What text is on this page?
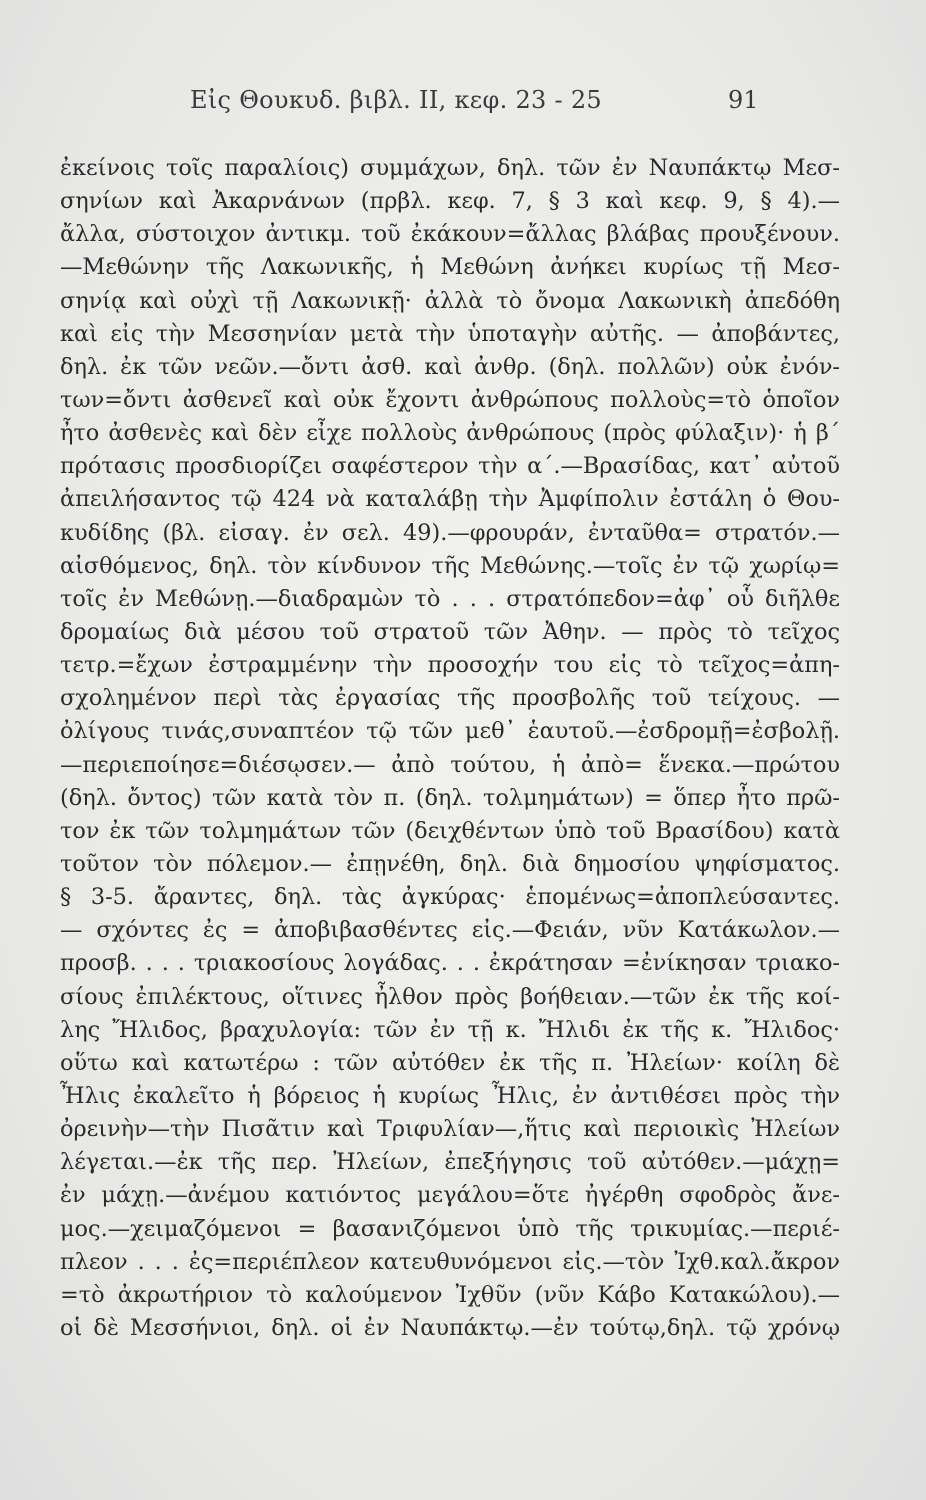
Εἰς Θουκυδ. βιβλ. ΙΙ, κεφ. 23 - 25	91
ἐκείνοις τοῖς παραλίοις) συμμάχων, δηλ. τῶν ἐν Ναυπάκτῳ Μεσ-
σηνίων καὶ Ἀκαρνάνων (πρβλ. κεφ. 7, § 3 καὶ κεφ. 9, § 4).—
ἄλλα, σύστοιχον ἀντικμ. τοῦ ἐκάκουν=ἄλλας βλάβας προυξένουν.
—Μεθώνην τῆς Λακωνικῆς, ἡ Μεθώνη ἀνήκει κυρίως τῇ Μεσ-
σηνίᾳ καὶ οὐχὶ τῇ Λακωνικῇ· ἀλλὰ τὸ ὄνομα Λακωνικὴ ἀπεδόθη
καὶ εἰς τὴν Μεσσηνίαν μετὰ τὴν ὑποταγὴν αὐτῆς. — ἀποβάντες,
δηλ. ἐκ τῶν νεῶν.—ὄντι ἀσθ. καὶ ἀνθρ. (δηλ. πολλῶν) οὐκ ἐνόν-
των=ὄντι ἀσθενεῖ καὶ οὐκ ἔχοντι ἀνθρώπους πολλοὺς=τὸ ὁποῖον
ἦτο ἀσθενὲς καὶ δὲν εἶχε πολλοὺς ἀνθρώπους (πρὸς φύλαξιν)· ἡ β΄
πρότασις προσδιορίζει σαφέστερον τὴν α΄.—Βρασίδας, κατ᾽ αὐτοῦ
ἀπειλήσαντος τῷ 424 νὰ καταλάβῃ τὴν Ἀμφίπολιν ἐστάλη ὁ Θου-
κυδίδης (βλ. εἰσαγ. ἐν σελ. 49).—φρουράν, ἐνταῦθα= στρατόν.—
αἰσθόμενος, δηλ. τὸν κίνδυνον τῆς Μεθώνης.—τοῖς ἐν τῷ χωρίῳ=
τοῖς ἐν Μεθώνῃ.—διαδραμὼν τὸ . . . στρατόπεδον=ἀφ᾽ οὗ διῆλθε
δρομαίως διὰ μέσου τοῦ στρατοῦ τῶν Ἀθην. — πρὸς τὸ τεῖχος
τετρ.=ἔχων ἐστραμμένην τὴν προσοχήν του εἰς τὸ τεῖχος=ἀπη-
σχολημένον περὶ τὰς ἐργασίας τῆς προσβολῆς τοῦ τείχους. —
ὀλίγους τινάς,συναπτέον τῷ τῶν μεθ᾽ ἑαυτοῦ.—ἐσδρομῇ=ἐσβολῇ.
—περιεποίησε=διέσῳσεν.— ἀπὸ τούτου, ἡ ἀπὸ= ἕνεκα.—πρώτου
(δηλ. ὄντος) τῶν κατὰ τὸν π. (δηλ. τολμημάτων) = ὅπερ ἦτο πρῶ-
τον ἐκ τῶν τολμημάτων τῶν (δειχθέντων ὑπὸ τοῦ Βρασίδου) κατὰ
τοῦτον τὸν πόλεμον.— ἐπῃνέθη, δηλ. διὰ δημοσίου ψηφίσματος.
§ 3-5. ἄραντες, δηλ. τὰς ἀγκύρας· ἑπομένως=ἀποπλεύσαντες.
— σχόντες ἐς = ἀποβιβασθέντες εἰς.—Φειάν, νῦν Κατάκωλον.—
προσβ. . . . τριακοσίους λογάδας. . . ἐκράτησαν =ἐνίκησαν τριακο-
σίους ἐπιλέκτους, οἵτινες ἦλθον πρὸς βοήθειαν.—τῶν ἐκ τῆς κοί-
λης Ἤλιδος, βραχυλογία: τῶν ἐν τῇ κ. Ἤλιδι ἐκ τῆς κ. Ἤλιδος·
οὕτω καὶ κατωτέρω : τῶν αὐτόθεν ἐκ τῆς π. Ἠλείων· κοίλη δὲ
Ἦλις ἐκαλεῖτο ἡ βόρειος ἡ κυρίως Ἦλις, ἐν ἀντιθέσει πρὸς τὴν
ὀρεινὴν—τὴν Πισᾶτιν καὶ Τριφυλίαν—,ἥτις καὶ περιοικὶς Ἠλείων
λέγεται.—ἐκ τῆς περ. Ἠλείων, ἐπεξήγησις τοῦ αὐτόθεν.—μάχῃ=
ἐν μάχῃ.—ἀνέμου κατιόντος μεγάλου=ὅτε ἠγέρθη σφοδρὸς ἄνε-
μος.—χειμαζόμενοι = βασανιζόμενοι ὑπὸ τῆς τρικυμίας.—περιέ-
πλεον . . . ἐς=περιέπλεον κατευθυνόμενοι εἰς.—τὸν Ἰχθ.καλ.ἄκρον
=τὸ ἀκρωτήριον τὸ καλούμενον Ἰχθῦν (νῦν Κάβο Κατακώλου).—
οἱ δὲ Μεσσήνιοι, δηλ. οἱ ἐν Ναυπάκτῳ.—ἐν τούτῳ,δηλ. τῷ χρόνῳ
